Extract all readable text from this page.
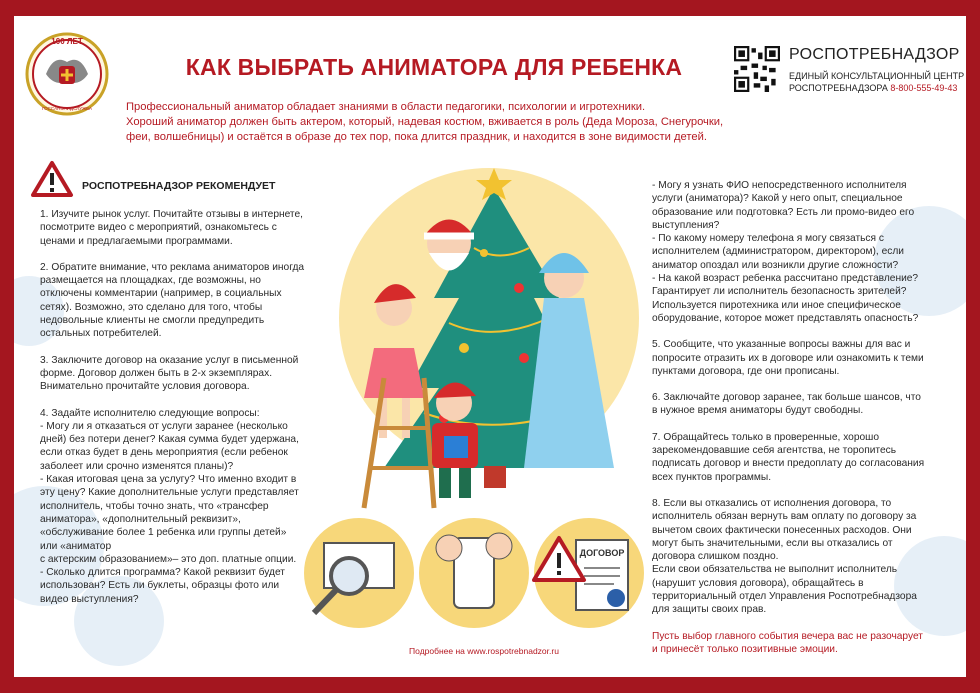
100 ЛЕТ
ГОССАНЭПИДСЛУЖБА
КАК ВЫБРАТЬ АНИМАТОРА ДЛЯ РЕБЕНКА	РОСПОТРЕБНАДЗОР
ЕДИНЫЙ КОНСУЛЬТАЦИОННЫЙ ЦЕНТР
РОСПОТРЕБНАДЗОРА 8-800-555-49-43
Профессиональный аниматор обладает знаниями в области педагогики, психологии и игротехники.
Хороший аниматор должен быть актером, который, надевая костюм, вживается в роль (Деда Мороза, Снегурочки,
феи, волшебницы) и остаётся в образе до тех пор, пока длится праздник, и находится в зоне видимости детей.
РОСПОТРЕБНАДЗОР РЕКОМЕНДУЕТ

1. Изучите рынок услуг. Почитайте отзывы в интернете, посмотрите видео с мероприятий, ознакомьтесь с ценами и предлагаемыми программами.

2. Обратите внимание, что реклама аниматоров иногда размещается на площадках, где возможны, но отключены комментарии (например, в социальных сетях). Возможно, это сделано для того, чтобы недовольные клиенты не смогли предупредить остальных потребителей.

3. Заключите договор на оказание услуг в письменной форме. Договор должен быть в 2-х экземплярах. Внимательно прочитайте условия договора.

4. Задайте исполнителю следующие вопросы:
- Могу ли я отказаться от услуги заранее (несколько дней) без потери денег? Какая сумма будет удержана, если отказ будет в день мероприятия (если ребенок заболеет или срочно изменятся планы)?
- Какая итоговая цена за услугу? Что именно входит в эту цену? Какие дополнительные услуги представляет исполнитель, чтобы точно знать, что «трансфер аниматора», «дополнительный реквизит», «обслуживание более 1 ребенка или группы детей» или «аниматор
с актерским образованием»– это доп. платные опции.
- Сколько длится программа? Какой реквизит будет использован? Есть ли буклеты, образцы фото или видео выступления?

ДОГОВОР

- Могу я узнать ФИО непосредственного исполнителя услуги (аниматора)? Какой у него опыт, специальное образование или подготовка? Есть ли промо-видео его выступления?
- По какому номеру телефона я могу связаться с исполнителем (администратором, директором), если аниматор опоздал или возникли другие сложности?
- На какой возраст ребенка рассчитано представление? Гарантирует ли исполнитель безопасность зрителей? Используется пиротехника или иное специфическое оборудование, которое может представлять опасность?

5. Сообщите, что указанные вопросы важны для вас и попросите отразить их в договоре или ознакомить к теми пунктами договора, где они прописаны.

6. Заключайте договор заранее, так больше шансов, что в нужное время аниматоры будут свободны.

7. Обращайтесь только в проверенные, хорошо зарекомендовавшие себя агентства, не торопитесь подписать договор и внести предоплату до согласования всех пунктов программы.

8. Если вы отказались от исполнения договора, то исполнитель обязан вернуть вам оплату по договору за вычетом своих фактически понесенных расходов. Они могут быть значительными, если вы отказались от договора слишком поздно.
Если свои обязательства не выполнит исполнитель (нарушит условия договора), обращайтесь в территориальный отдел Управления Роспотребнадзора для защиты своих прав.

Пусть выбор главного события вечера вас не разочарует
и принесёт только позитивные эмоции.

Подробнее на www.rospotrebnadzor.ru
